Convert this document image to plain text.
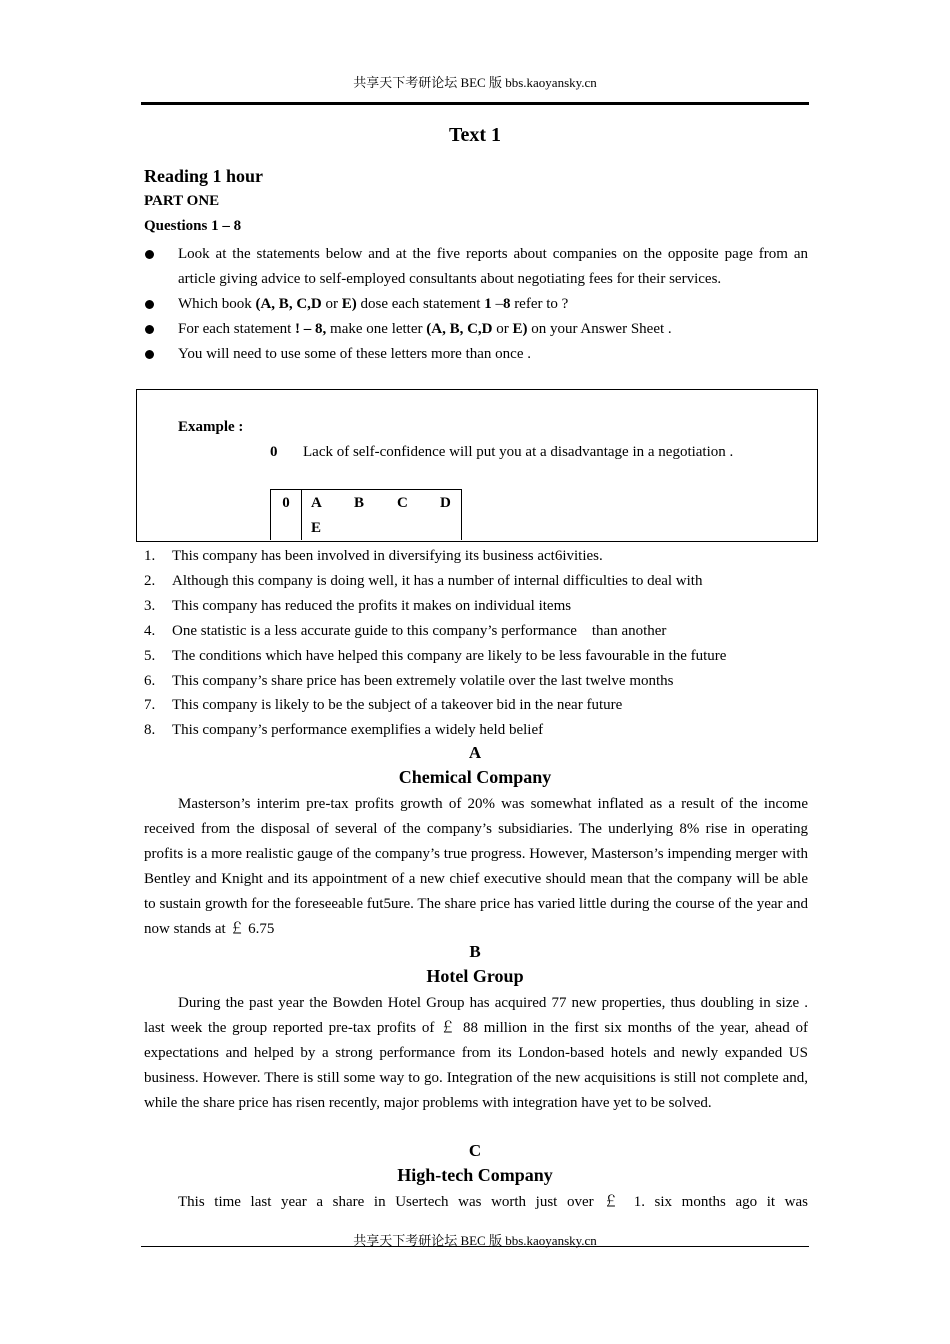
共享天下考研论坛 BEC 版 bbs.kaoyansky.cn
Text 1
Reading 1 hour
PART ONE
Questions 1 – 8
Look at the statements below and at the five reports about companies on the opposite page from an article giving advice to self-employed consultants about negotiating fees for their services.
Which book (A, B, C,D or E) dose each statement 1 –8 refer to ?
For each statement ! – 8, make one letter (A, B, C,D or E) on your Answer Sheet .
You will need to use some of these letters more than once .
Example :
0 Lack of self-confidence will put you at a disadvantage in a negotiation .
0	A B C D
E
1. This company has been involved in diversifying its business act6ivities.
2. Although this company is doing well, it has a number of internal difficulties to deal with
3. This company has reduced the profits it makes on individual items
4. One statistic is a less accurate guide to this company’s performance    than another
5. The conditions which have helped this company are likely to be less favourable in the future
6. This company’s share price has been extremely volatile over the last twelve months
7. This company is likely to be the subject of a takeover bid in the near future
8. This company’s performance exemplifies a widely held belief
A
Chemical Company

Masterson’s interim pre-tax profits growth of 20% was somewhat inflated as a result of the income received from the disposal of several of the company’s subsidiaries. The underlying 8% rise in operating profits is a more realistic gauge of the company’s true progress. However, Masterson’s impending merger with Bentley and Knight and its appointment of a new chief executive should mean that the company will be able to sustain growth for the foreseeable fut5ure. The share price has varied little during the course of the year and now stands at ￡ 6.75

B
Hotel Group

During the past year the Bowden Hotel Group has acquired 77 new properties, thus doubling in size . last week the group reported pre-tax profits of ￡ 88 million in the first six months of the year, ahead of expectations and helped by a strong performance from its London-based hotels and newly expanded US business. However. There is still some way to go. Integration of the new acquisitions is still not complete and, while the share price has risen recently, major problems with integration have yet to be solved.

C
High-tech Company

This time last year a share in Usertech was worth just over ￡ 1. six months ago it was

共享天下考研论坛 BEC 版 bbs.kaoyansky.cn
